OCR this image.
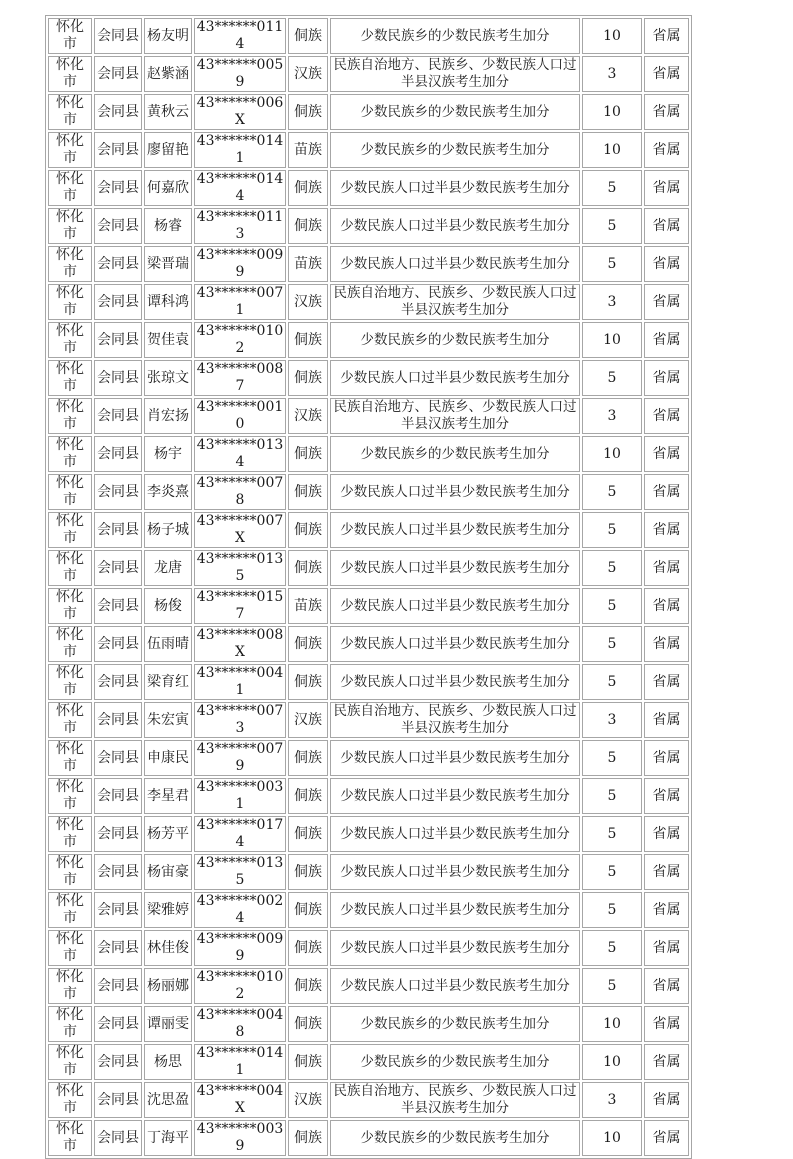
怀化市	会同县	杨友明	43******0114	侗族	少数民族乡的少数民族考生加分	10	省属
怀化市	会同县	赵紫涵	43******0059	汉族	民族自治地方、民族乡、少数民族人口过半县汉族考生加分	3	省属
怀化市	会同县	黄秋云	43******006X	侗族	少数民族乡的少数民族考生加分	10	省属
怀化市	会同县	廖留艳	43******0141	苗族	少数民族乡的少数民族考生加分	10	省属
怀化市	会同县	何嘉欣	43******0144	侗族	少数民族人口过半县少数民族考生加分	5	省属
怀化市	会同县	杨睿	43******0113	侗族	少数民族人口过半县少数民族考生加分	5	省属
怀化市	会同县	梁晋瑞	43******0099	苗族	少数民族人口过半县少数民族考生加分	5	省属
怀化市	会同县	谭科鸿	43******0071	汉族	民族自治地方、民族乡、少数民族人口过半县汉族考生加分	3	省属
怀化市	会同县	贺佳袁	43******0102	侗族	少数民族乡的少数民族考生加分	10	省属
怀化市	会同县	张琼文	43******0087	侗族	少数民族人口过半县少数民族考生加分	5	省属
怀化市	会同县	肖宏扬	43******0010	汉族	民族自治地方、民族乡、少数民族人口过半县汉族考生加分	3	省属
怀化市	会同县	杨宇	43******0134	侗族	少数民族乡的少数民族考生加分	10	省属
怀化市	会同县	李炎熹	43******0078	侗族	少数民族人口过半县少数民族考生加分	5	省属
怀化市	会同县	杨子城	43******007X	侗族	少数民族人口过半县少数民族考生加分	5	省属
怀化市	会同县	龙唐	43******0135	侗族	少数民族人口过半县少数民族考生加分	5	省属
怀化市	会同县	杨俊	43******0157	苗族	少数民族人口过半县少数民族考生加分	5	省属
怀化市	会同县	伍雨晴	43******008X	侗族	少数民族人口过半县少数民族考生加分	5	省属
怀化市	会同县	梁育红	43******0041	侗族	少数民族人口过半县少数民族考生加分	5	省属
怀化市	会同县	朱宏寅	43******0073	汉族	民族自治地方、民族乡、少数民族人口过半县汉族考生加分	3	省属
怀化市	会同县	申康民	43******0079	侗族	少数民族人口过半县少数民族考生加分	5	省属
怀化市	会同县	李星君	43******0031	侗族	少数民族人口过半县少数民族考生加分	5	省属
怀化市	会同县	杨芳平	43******0174	侗族	少数民族人口过半县少数民族考生加分	5	省属
怀化市	会同县	杨宙豪	43******0135	侗族	少数民族人口过半县少数民族考生加分	5	省属
怀化市	会同县	梁雅婷	43******0024	侗族	少数民族人口过半县少数民族考生加分	5	省属
怀化市	会同县	林佳俊	43******0099	侗族	少数民族人口过半县少数民族考生加分	5	省属
怀化市	会同县	杨丽娜	43******0102	侗族	少数民族人口过半县少数民族考生加分	5	省属
怀化市	会同县	谭丽雯	43******0048	侗族	少数民族乡的少数民族考生加分	10	省属
怀化市	会同县	杨思	43******0141	侗族	少数民族乡的少数民族考生加分	10	省属
怀化市	会同县	沈思盈	43******004X	汉族	民族自治地方、民族乡、少数民族人口过半县汉族考生加分	3	省属
怀化市	会同县	丁海平	43******0039	侗族	少数民族乡的少数民族考生加分	10	省属
